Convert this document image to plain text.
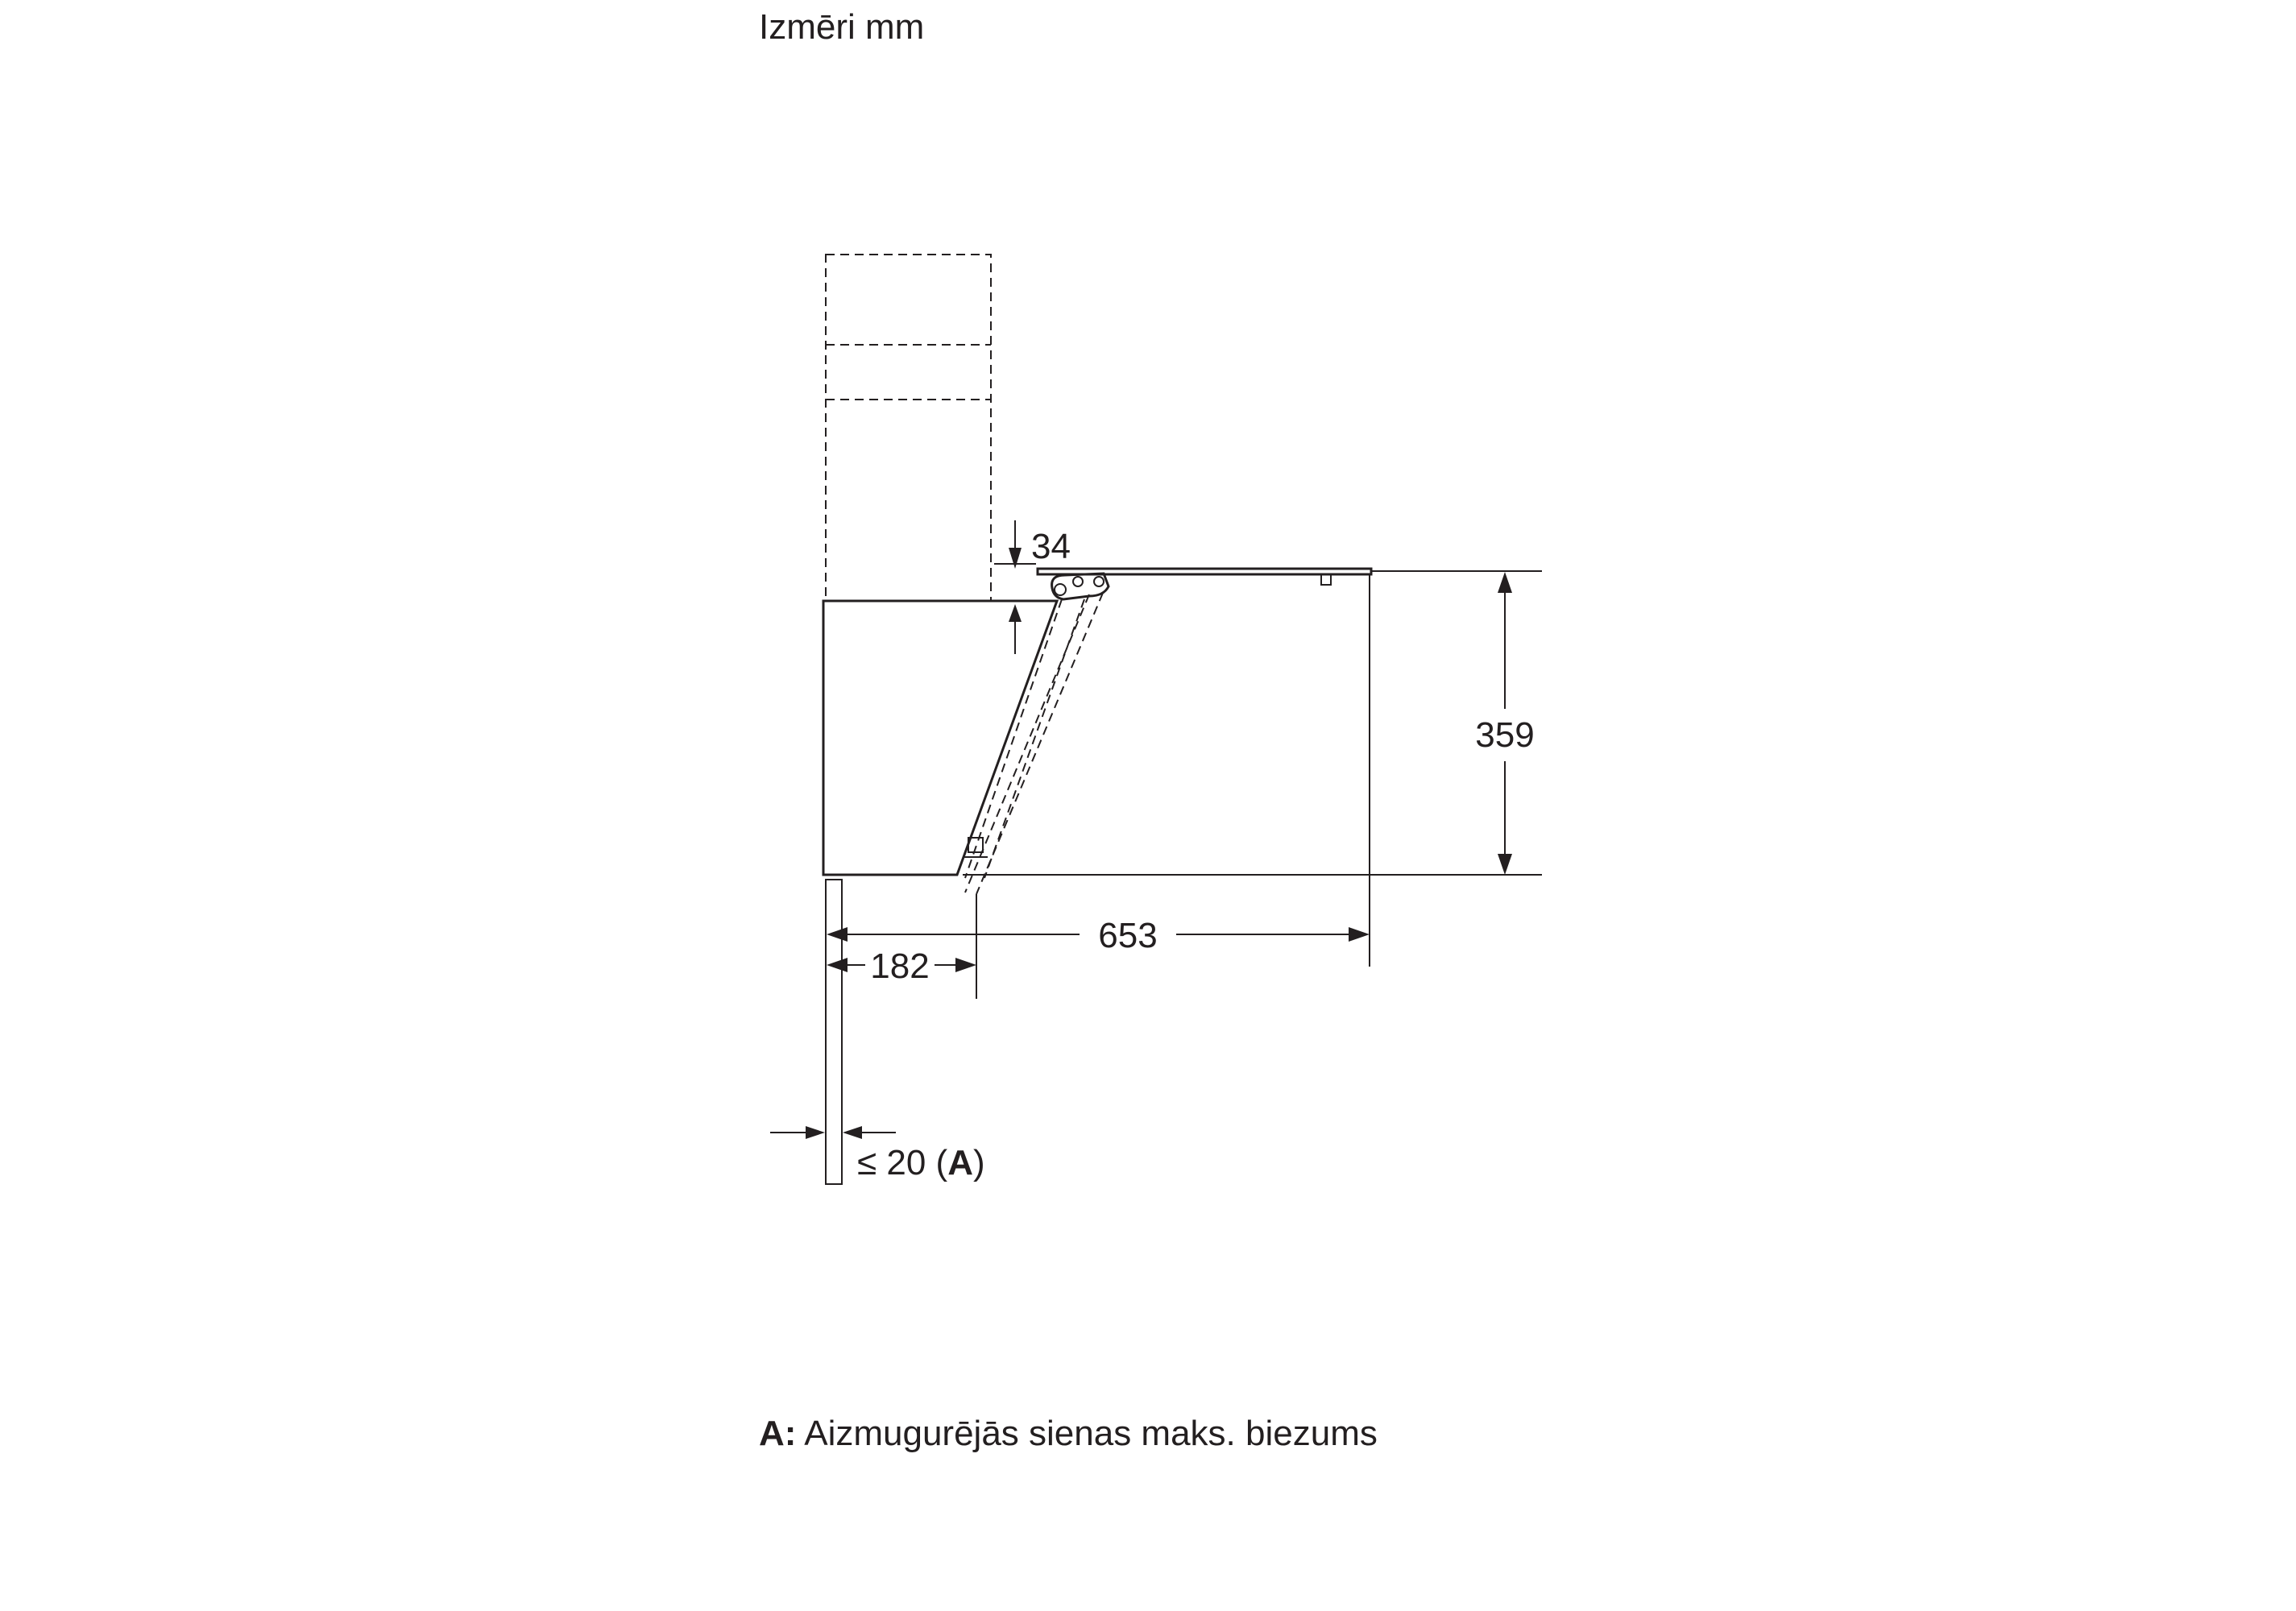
Izmēri mm
359
34
653
182
≤ 20 (A)
A: Aizmugurējās sienas maks. biezums
